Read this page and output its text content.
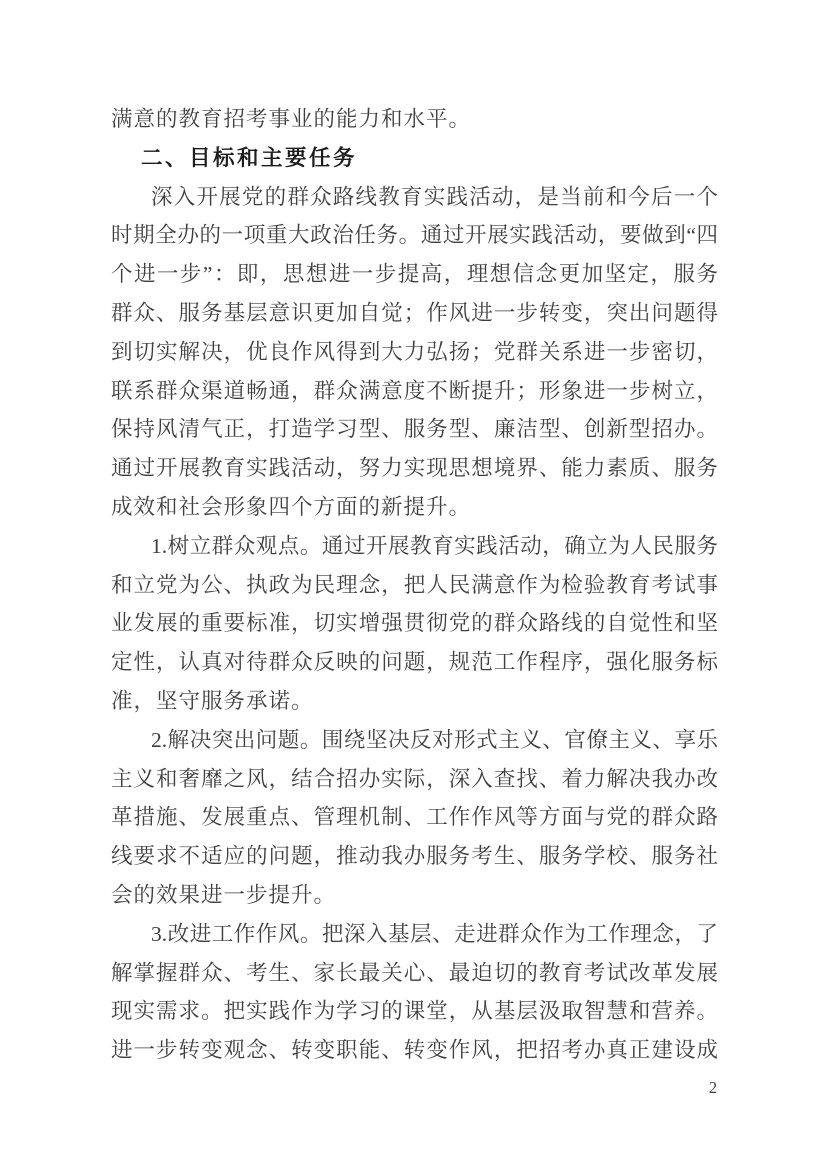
满意的教育招考事业的能力和水平。
二、目标和主要任务
深入开展党的群众路线教育实践活动，是当前和今后一个
时期全办的一项重大政治任务。通过开展实践活动，要做到“四
个进一步”：即，思想进一步提高，理想信念更加坚定，服务
群众、服务基层意识更加自觉；作风进一步转变，突出问题得
到切实解决，优良作风得到大力弘扬；党群关系进一步密切，
联系群众渠道畅通，群众满意度不断提升；形象进一步树立，
保持风清气正，打造学习型、服务型、廉洁型、创新型招办。
通过开展教育实践活动，努力实现思想境界、能力素质、服务
成效和社会形象四个方面的新提升。
1.树立群众观点。通过开展教育实践活动，确立为人民服务
和立党为公、执政为民理念，把人民满意作为检验教育考试事
业发展的重要标准，切实增强贯彻党的群众路线的自觉性和坚
定性，认真对待群众反映的问题，规范工作程序，强化服务标
准，坚守服务承诺。
2.解决突出问题。围绕坚决反对形式主义、官僚主义、享乐
主义和奢靡之风，结合招办实际，深入查找、着力解决我办改
革措施、发展重点、管理机制、工作作风等方面与党的群众路
线要求不适应的问题，推动我办服务考生、服务学校、服务社
会的效果进一步提升。
3.改进工作作风。把深入基层、走进群众作为工作理念，了
解掌握群众、考生、家长最关心、最迫切的教育考试改革发展
现实需求。把实践作为学习的课堂，从基层汲取智慧和营养。
进一步转变观念、转变职能、转变作风，把招考办真正建设成
2
